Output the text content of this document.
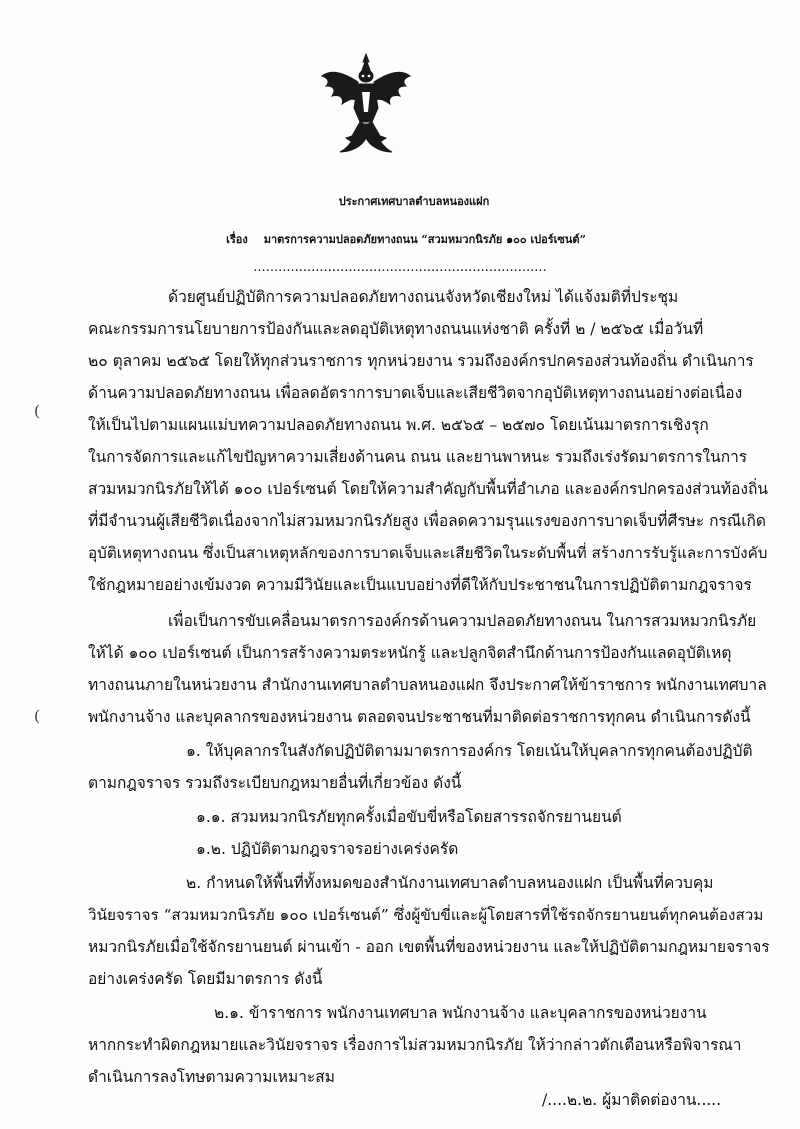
ประกาศเทศบาลตำบลหนองแฝก
เรื่อง มาตรการความปลอดภัยทางถนน “สวมหมวกนิรภัย ๑๐๐ เปอร์เซนต์”
.......................................................................
ด้วยศูนย์ปฏิบัติการความปลอดภัยทางถนนจังหวัดเชียงใหม่ ได้แจ้งมติที่ประชุม
คณะกรรมการนโยบายการป้องกันและลดอุบัติเหตุทางถนนแห่งชาติ ครั้งที่ ๒ / ๒๕๖๕ เมื่อวันที่
๒๐ ตุลาคม ๒๕๖๕ โดยให้ทุกส่วนราชการ ทุกหน่วยงาน รวมถึงองค์กรปกครองส่วนท้องถิ่น ดำเนินการ
ด้านความปลอดภัยทางถนน เพื่อลดอัตราการบาดเจ็บและเสียชีวิตจากอุบัติเหตุทางถนนอย่างต่อเนื่อง
ให้เป็นไปตามแผนแม่บทความปลอดภัยทางถนน พ.ศ. ๒๕๖๕ – ๒๕๗๐ โดยเน้นมาตรการเชิงรุก
ในการจัดการและแก้ไขปัญหาความเสี่ยงด้านคน ถนน และยานพาหนะ รวมถึงเร่งรัดมาตรการในการ
สวมหมวกนิรภัยให้ได้ ๑๐๐ เปอร์เซนต์ โดยให้ความสำคัญกับพื้นที่อำเภอ และองค์กรปกครองส่วนท้องถิ่น
ที่มีจำนวนผู้เสียชีวิตเนื่องจากไม่สวมหมวกนิรภัยสูง เพื่อลดความรุนแรงของการบาดเจ็บที่ศีรษะ กรณีเกิด
อุบัติเหตุทางถนน ซึ่งเป็นสาเหตุหลักของการบาดเจ็บและเสียชีวิตในระดับพื้นที่ สร้างการรับรู้และการบังคับ
ใช้กฎหมายอย่างเข้มงวด ความมีวินัยและเป็นแบบอย่างที่ดีให้กับประชาชนในการปฏิบัติตามกฎจราจร
เพื่อเป็นการขับเคลื่อนมาตรการองค์กรด้านความปลอดภัยทางถนน ในการสวมหมวกนิรภัย
ให้ได้ ๑๐๐ เปอร์เซนต์ เป็นการสร้างความตระหนักรู้ และปลูกจิตสำนึกด้านการป้องกันแลดอุบัติเหตุ
ทางถนนภายในหน่วยงาน สำนักงานเทศบาลตำบลหนองแฝก จึงประกาศให้ข้าราชการ พนักงานเทศบาล
พนักงานจ้าง และบุคลากรของหน่วยงาน ตลอดจนประชาชนที่มาติดต่อราชการทุกคน ดำเนินการดังนี้
๑. ให้บุคลากรในสังกัดปฏิบัติตามมาตรการองค์กร โดยเน้นให้บุคลากรทุกคนต้องปฏิบัติ
ตามกฎจราจร รวมถึงระเบียบกฎหมายอื่นที่เกี่ยวข้อง ดังนี้
๑.๑. สวมหมวกนิรภัยทุกครั้งเมื่อขับขี่หรือโดยสารรถจักรยานยนต์
๑.๒. ปฏิบัติตามกฎจราจรอย่างเคร่งครัด
๒. กำหนดให้พื้นที่ทั้งหมดของสำนักงานเทศบาลตำบลหนองแฝก เป็นพื้นที่ควบคุม
วินัยจราจร “สวมหมวกนิรภัย ๑๐๐ เปอร์เซนต์” ซึ่งผู้ขับขี่และผู้โดยสารที่ใช้รถจักรยานยนต์ทุกคนต้องสวม
หมวกนิรภัยเมื่อใช้จักรยานยนต์ ผ่านเข้า - ออก เขตพื้นที่ของหน่วยงาน และให้ปฏิบัติตามกฎหมายจราจร
อย่างเคร่งครัด โดยมีมาตรการ ดังนี้
๒.๑. ข้าราชการ พนักงานเทศบาล พนักงานจ้าง และบุคลากรของหน่วยงาน
หากกระทำผิดกฎหมายและวินัยจราจร เรื่องการไม่สวมหมวกนิรภัย ให้ว่ากล่าวตักเตือนหรือพิจารณา
ดำเนินการลงโทษตามความเหมาะสม
/....๒.๒. ผู้มาติดต่องาน.....
(
(
